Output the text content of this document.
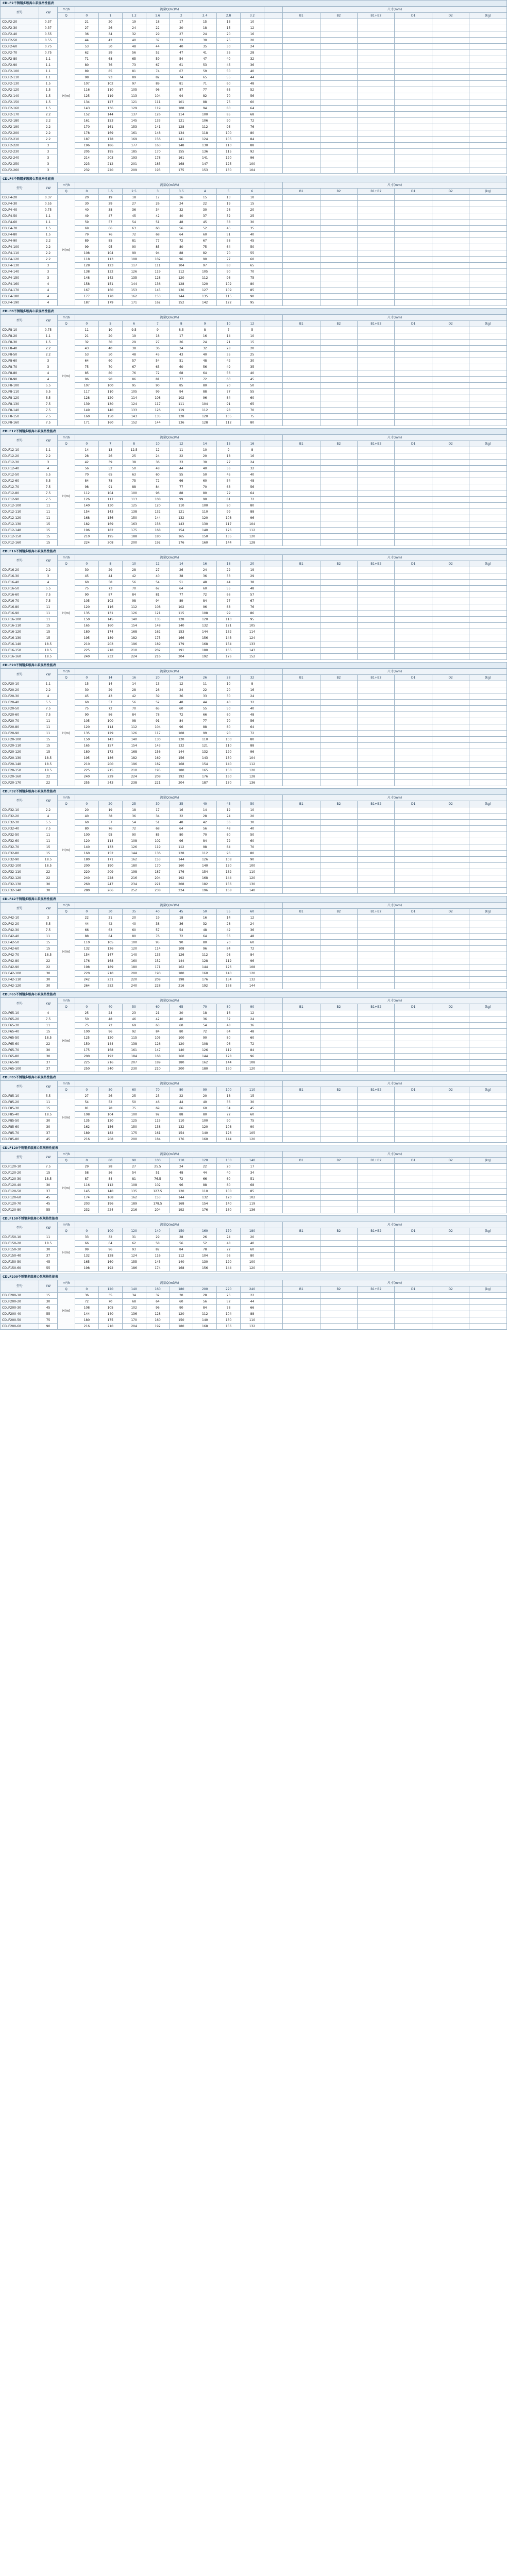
CDLF2不锈钢多级离心泵规格性能表
型号	kW	m³/h	流量Q(m3/h)									尺寸(mm)					
		Q	0	1	1.2	1.6	2	2.4	2.8	3.2		B1	B2	B1+B2	D1	D2	(kg)
CDLF2-20	0.37	H(m)	21	20	19	18	17	15	13	10							
CDLF2-30	0.37		27	26	24	22	20	18	15	12							
CDLF2-40	0.55		36	34	32	29	27	24	20	16							
CDLF2-50	0.55		44	42	40	37	33	30	25	20							
CDLF2-60	0.75		53	50	48	44	40	35	30	24							
CDLF2-70	0.75		62	59	56	52	47	41	35	28							
CDLF2-80	1.1		71	68	65	59	54	47	40	32							
CDLF2-90	1.1		80	76	73	67	61	53	45	36							
CDLF2-100	1.1		89	85	81	74	67	59	50	40							
CDLF2-110	1.1		98	93	89	82	74	65	55	44							
CDLF2-130	1.5		107	102	97	89	81	71	60	48							
CDLF2-120	1.5		116	110	105	96	87	77	65	52							
CDLF2-140	1.5		125	119	113	104	94	82	70	56							
CDLF2-150	1.5		134	127	121	111	101	88	75	60							
CDLF2-160	1.5		143	136	129	119	108	94	80	64							
CDLF2-170	2.2		152	144	137	126	114	100	85	68							
CDLF2-180	2.2		161	153	145	133	121	106	90	72							
CDLF2-190	2.2		170	161	153	141	128	112	95	76							
CDLF2-200	2.2		178	169	161	148	134	118	100	80							
CDLF2-210	2.2		187	178	169	156	141	124	105	84							
CDLF2-220	3		196	186	177	163	148	130	110	88							
CDLF2-230	3		205	195	185	170	155	136	115	92							
CDLF2-240	3		214	203	193	178	161	141	120	96							
CDLF2-250	3		223	212	201	185	168	147	125	100							
CDLF2-260	3		232	220	209	193	175	153	130	104							
CDLF4不锈钢多级离心泵规格性能表
型号	kW	m³/h	流量Q(m3/h)									尺寸(mm)					
		Q	0	1.5	2.5	3	3.5	4	5	6		B1	B2	B1+B2	D1	D2	(kg)
CDLF4-20	0.37	H(m)	20	19	18	17	16	15	13	10							
CDLF4-30	0.55		30	29	27	26	24	22	19	15							
CDLF4-40	0.75		40	38	36	34	32	30	26	20							
CDLF4-50	1.1		49	47	45	42	40	37	32	25							
CDLF4-60	1.1		59	57	54	51	48	45	38	30							
CDLF4-70	1.5		69	66	63	60	56	52	45	35							
CDLF4-80	1.5		79	76	72	68	64	60	51	40							
CDLF4-90	2.2		89	85	81	77	72	67	58	45							
CDLF4-100	2.2		99	95	90	85	80	75	64	50							
CDLF4-110	2.2		108	104	99	94	88	82	70	55							
CDLF4-120	2.2		118	113	108	102	96	90	77	60							
CDLF4-130	3		128	123	117	111	104	97	83	65							
CDLF4-140	3		138	132	126	119	112	105	90	70							
CDLF4-150	3		148	142	135	128	120	112	96	75							
CDLF4-160	4		158	151	144	136	128	120	102	80							
CDLF4-170	4		167	160	153	145	136	127	109	85							
CDLF4-180	4		177	170	162	153	144	135	115	90							
CDLF4-190	4		187	179	171	162	152	142	122	95							
CDLF8不锈钢多级离心泵规格性能表
型号	kW	m³/h	流量Q(m3/h)									尺寸(mm)					
		Q	0	5	6	7	8	9	10	12		B1	B2	B1+B2	D1	D2	(kg)
CDLF8-10	0.75	H(m)	11	10	9.5	9	8.5	8	7	5							
CDLF8-20	1.1		21	20	19	18	17	16	14	10							
CDLF8-30	1.5		32	30	29	27	26	24	21	15							
CDLF8-40	2.2		43	40	38	36	34	32	28	20							
CDLF8-50	2.2		53	50	48	45	43	40	35	25							
CDLF8-60	3		64	60	57	54	51	48	42	30							
CDLF8-70	3		75	70	67	63	60	56	49	35							
CDLF8-80	4		85	80	76	72	68	64	56	40							
CDLF8-90	4		96	90	86	81	77	72	63	45							
CDLF8-100	5.5		107	100	95	90	85	80	70	50							
CDLF8-110	5.5		117	110	105	99	94	88	77	55							
CDLF8-120	5.5		128	120	114	108	102	96	84	60							
CDLF8-130	7.5		139	130	124	117	111	104	91	65							
CDLF8-140	7.5		149	140	133	126	119	112	98	70							
CDLF8-150	7.5		160	150	143	135	128	120	105	75							
CDLF8-160	7.5		171	160	152	144	136	128	112	80							
CDLF12不锈钢多级离心泵规格性能表
型号	kW	m³/h	流量Q(m3/h)									尺寸(mm)					
		Q	0	7	8	10	12	14	15	16		B1	B2	B1+B2	D1	D2	(kg)
CDLF12-10	1.1	H(m)	14	13	12.5	12	11	10	9	8							
CDLF12-20	2.2		28	26	25	24	22	20	18	16							
CDLF12-30	3		42	39	38	36	33	30	27	24							
CDLF12-40	4		56	52	50	48	44	40	36	32							
CDLF12-50	5.5		70	65	63	60	55	50	45	40							
CDLF12-60	5.5		84	78	75	72	66	60	54	48							
CDLF12-70	7.5		98	91	88	84	77	70	63	56							
CDLF12-80	7.5		112	104	100	96	88	80	72	64							
CDLF12-90	7.5		126	117	113	108	99	90	81	72							
CDLF12-100	11		140	130	125	120	110	100	90	80							
CDLF12-110	11		154	143	138	132	121	110	99	88							
CDLF12-120	11		168	156	150	144	132	120	108	96							
CDLF12-130	15		182	169	163	156	143	130	117	104							
CDLF12-140	15		196	182	175	168	154	140	126	112							
CDLF12-150	15		210	195	188	180	165	150	135	120							
CDLF12-160	15		224	208	200	192	176	160	144	128							
CDLF16不锈钢多级离心泵规格性能表
型号	kW	m³/h	流量Q(m3/h)									尺寸(mm)					
		Q	0	8	10	12	14	16	18	20		B1	B2	B1+B2	D1	D2	(kg)
CDLF16-20	2.2	H(m)	30	29	28	27	26	24	22	19							
CDLF16-30	3		45	44	42	40	38	36	33	29							
CDLF16-40	4		60	58	56	54	51	48	44	38							
CDLF16-50	5.5		75	73	70	67	64	60	55	48							
CDLF16-60	7.5		90	87	84	81	77	72	66	57							
CDLF16-70	7.5		105	102	98	94	89	84	77	67							
CDLF16-80	11		120	116	112	108	102	96	88	76							
CDLF16-90	11		135	131	126	121	115	108	99	86							
CDLF16-100	11		150	145	140	135	128	120	110	95							
CDLF16-110	15		165	160	154	148	140	132	121	105							
CDLF16-120	15		180	174	168	162	153	144	132	114							
CDLF16-130	15		195	189	182	175	166	156	143	124							
CDLF16-140	18.5		210	203	196	189	179	168	154	133							
CDLF16-150	18.5		225	218	210	202	191	180	165	143							
CDLF16-160	18.5		240	232	224	216	204	192	176	152							
CDLF20不锈钢多级离心泵规格性能表
型号	kW	m³/h	流量Q(m3/h)									尺寸(mm)					
		Q	0	14	16	20	24	26	28	32		B1	B2	B1+B2	D1	D2	(kg)
CDLF20-10	1.1	H(m)	15	14	14	13	12	11	10	8							
CDLF20-20	2.2		30	29	28	26	24	22	20	16							
CDLF20-30	4		45	43	42	39	36	33	30	24							
CDLF20-40	5.5		60	57	56	52	48	44	40	32							
CDLF20-50	7.5		75	72	70	65	60	55	50	40							
CDLF20-60	7.5		90	86	84	78	72	66	60	48							
CDLF20-70	11		105	100	98	91	84	77	70	56							
CDLF20-80	11		120	114	112	104	96	88	80	64							
CDLF20-90	11		135	129	126	117	108	99	90	72							
CDLF20-100	15		150	143	140	130	120	110	100	80							
CDLF20-110	15		165	157	154	143	132	121	110	88							
CDLF20-120	15		180	172	168	156	144	132	120	96							
CDLF20-130	18.5		195	186	182	169	156	143	130	104							
CDLF20-140	18.5		210	200	196	182	168	154	140	112							
CDLF20-150	18.5		225	215	210	195	180	165	150	120							
CDLF20-160	22		240	229	224	208	192	176	160	128							
CDLF20-170	22		255	243	238	221	204	187	170	136							
CDLF32不锈钢多级离心泵规格性能表
型号	kW	m³/h	流量Q(m3/h)									尺寸(mm)					
		Q	0	20	25	30	35	40	45	50		B1	B2	B1+B2	D1	D2	(kg)
CDLF32-10	2.2	H(m)	20	19	18	17	16	14	12	10							
CDLF32-20	4		40	38	36	34	32	28	24	20							
CDLF32-30	5.5		60	57	54	51	48	42	36	30							
CDLF32-40	7.5		80	76	72	68	64	56	48	40							
CDLF32-50	11		100	95	90	85	80	70	60	50							
CDLF32-60	11		120	114	108	102	96	84	72	60							
CDLF32-70	15		140	133	126	119	112	98	84	70							
CDLF32-80	15		160	152	144	136	128	112	96	80							
CDLF32-90	18.5		180	171	162	153	144	126	108	90							
CDLF32-100	18.5		200	190	180	170	160	140	120	100							
CDLF32-110	22		220	209	198	187	176	154	132	110							
CDLF32-120	22		240	228	216	204	192	168	144	120							
CDLF32-130	30		260	247	234	221	208	182	156	130							
CDLF32-140	30		280	266	252	238	224	196	168	140							
CDLF42不锈钢多级离心泵规格性能表
型号	kW	m³/h	流量Q(m3/h)									尺寸(mm)					
		Q	0	30	35	40	45	50	55	60		B1	B2	B1+B2	D1	D2	(kg)
CDLF42-10	3	H(m)	22	21	20	19	18	16	14	12							
CDLF42-20	5.5		44	42	40	38	36	32	28	24							
CDLF42-30	7.5		66	63	60	57	54	48	42	36							
CDLF42-40	11		88	84	80	76	72	64	56	48							
CDLF42-50	15		110	105	100	95	90	80	70	60							
CDLF42-60	15		132	126	120	114	108	96	84	72							
CDLF42-70	18.5		154	147	140	133	126	112	98	84							
CDLF42-80	22		176	168	160	152	144	128	112	96							
CDLF42-90	22		198	189	180	171	162	144	126	108							
CDLF42-100	30		220	210	200	190	180	160	140	120							
CDLF42-110	30		242	231	220	209	198	176	154	132							
CDLF42-120	30		264	252	240	228	216	192	168	144							
CDLF65不锈钢多级离心泵规格性能表
型号	kW	m³/h	流量Q(m3/h)									尺寸(mm)					
		Q	0	40	50	60	65	70	80	90		B1	B2	B1+B2	D1	D2	(kg)
CDLF65-10	4	H(m)	25	24	23	21	20	18	16	12							
CDLF65-20	7.5		50	48	46	42	40	36	32	24							
CDLF65-30	11		75	72	69	63	60	54	48	36							
CDLF65-40	15		100	96	92	84	80	72	64	48							
CDLF65-50	18.5		125	120	115	105	100	90	80	60							
CDLF65-60	22		150	144	138	126	120	108	96	72							
CDLF65-70	30		175	168	161	147	140	126	112	84							
CDLF65-80	30		200	192	184	168	160	144	128	96							
CDLF65-90	37		225	216	207	189	180	162	144	108							
CDLF65-100	37		250	240	230	210	200	180	160	120							
CDLF85不锈钢多级离心泵规格性能表
型号	kW	m³/h	流量Q(m3/h)									尺寸(mm)					
		Q	0	50	60	70	80	90	100	110		B1	B2	B1+B2	D1	D2	(kg)
CDLF85-10	5.5	H(m)	27	26	25	23	22	20	18	15							
CDLF85-20	11		54	52	50	46	44	40	36	30							
CDLF85-30	15		81	78	75	69	66	60	54	45							
CDLF85-40	18.5		108	104	100	92	88	80	72	60							
CDLF85-50	30		135	130	125	115	110	100	90	75							
CDLF85-60	30		162	156	150	138	132	120	108	90							
CDLF85-70	37		189	182	175	161	154	140	126	105							
CDLF85-80	45		216	208	200	184	176	160	144	120							
CDLF120不锈钢多级离心泵规格性能表
型号	kW	m³/h	流量Q(m3/h)									尺寸(mm)					
		Q	0	80	90	100	110	120	130	140		B1	B2	B1+B2	D1	D2	(kg)
CDLF120-10	7.5	H(m)	29	28	27	25.5	24	22	20	17							
CDLF120-20	15		58	56	54	51	48	44	40	34							
CDLF120-30	18.5		87	84	81	76.5	72	66	60	51							
CDLF120-40	30		116	112	108	102	96	88	80	68							
CDLF120-50	37		145	140	135	127.5	120	110	100	85							
CDLF120-60	45		174	168	162	153	144	132	120	102							
CDLF120-70	45		203	196	189	178.5	168	154	140	119							
CDLF120-80	55		232	224	216	204	192	176	160	136							
CDLF150不锈钢多级离心泵规格性能表
型号	kW	m³/h	流量Q(m3/h)									尺寸(mm)					
		Q	0	100	120	140	150	160	170	180		B1	B2	B1+B2	D1	D2	(kg)
CDLF150-10	11	H(m)	33	32	31	29	28	26	24	20							
CDLF150-20	18.5		66	64	62	58	56	52	48	40							
CDLF150-30	30		99	96	93	87	84	78	72	60							
CDLF150-40	37		132	128	124	116	112	104	96	80							
CDLF150-50	45		165	160	155	145	140	130	120	100							
CDLF150-60	55		198	192	186	174	168	156	144	120							
CDLF200不锈钢多级离心泵规格性能表
型号	kW	m³/h	流量Q(m3/h)									尺寸(mm)					
		Q	0	120	140	160	180	200	220	240		B1	B2	B1+B2	D1	D2	(kg)
CDLF200-10	15	H(m)	36	35	34	32	30	28	26	22							
CDLF200-20	30		72	70	68	64	60	56	52	44							
CDLF200-30	45		108	105	102	96	90	84	78	66							
CDLF200-40	55		144	140	136	128	120	112	104	88							
CDLF200-50	75		180	175	170	160	150	140	130	110							
CDLF200-60	90		216	210	204	192	180	168	156	132							
